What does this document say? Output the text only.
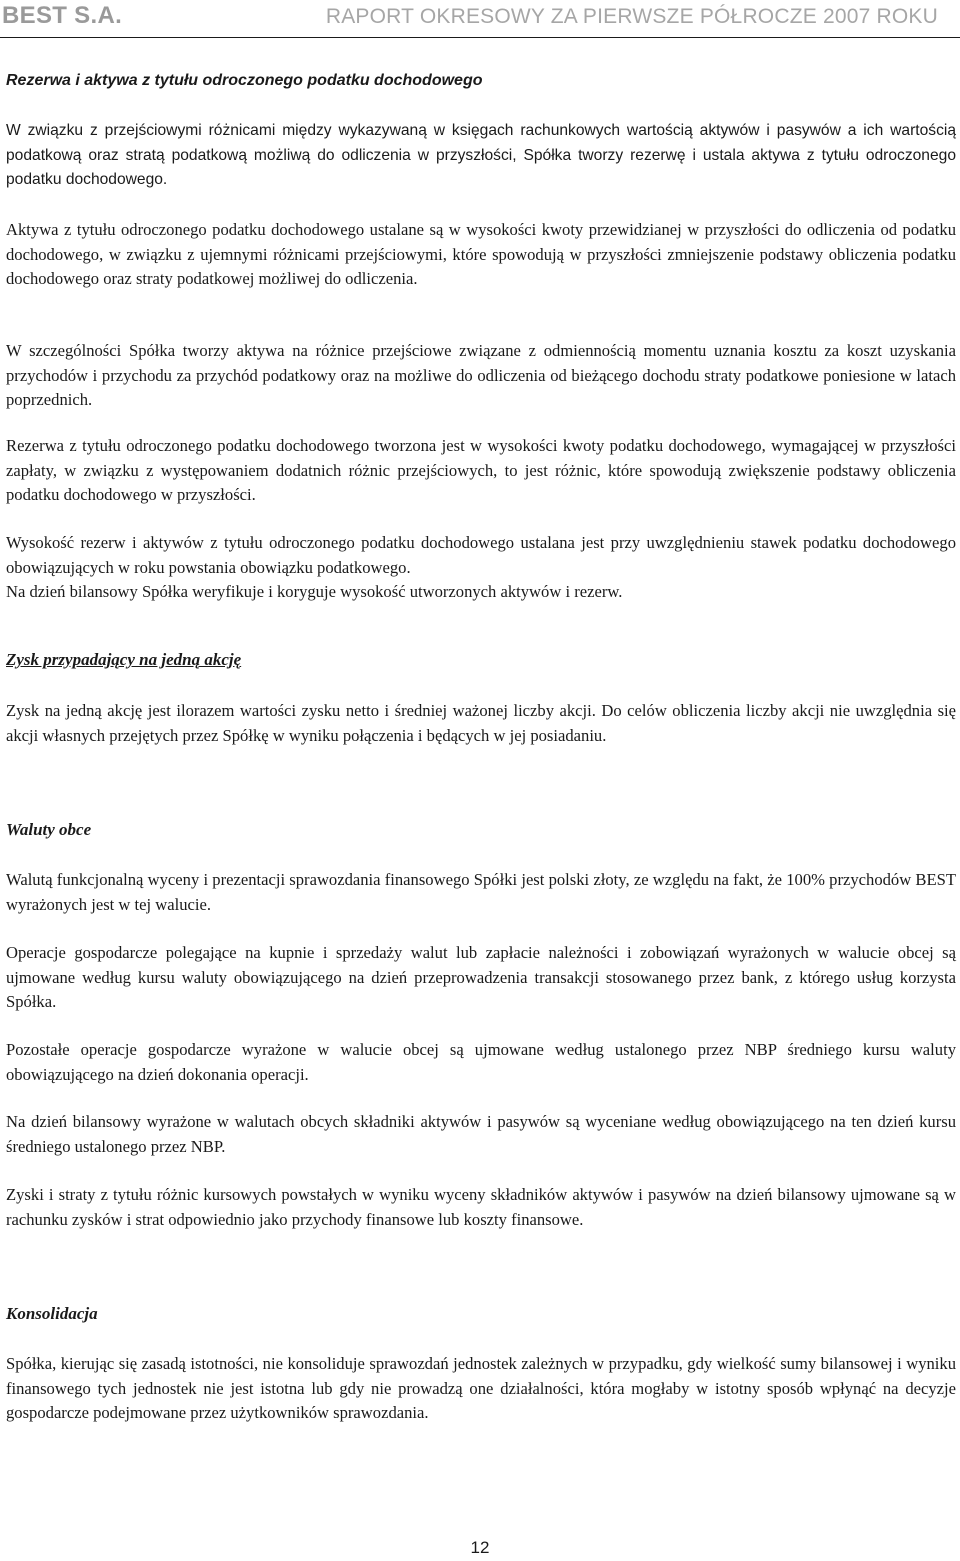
BEST S.A.	RAPORT OKRESOWY ZA PIERWSZE PÓŁROCZE 2007 ROKU
Rezerwa i aktywa z tytułu odroczonego podatku dochodowego

W związku z przejściowymi różnicami między wykazywaną w księgach rachunkowych wartością aktywów i pasywów a ich wartością podatkową oraz stratą podatkową możliwą do odliczenia w przyszłości, Spółka tworzy rezerwę i ustala aktywa z tytułu odroczonego podatku dochodowego.

Aktywa z tytułu odroczonego podatku dochodowego ustalane są w wysokości kwoty przewidzianej w przyszłości do odliczenia od podatku dochodowego, w związku z ujemnymi różnicami przejściowymi, które spowodują w przyszłości zmniejszenie podstawy obliczenia podatku dochodowego oraz straty podatkowej możliwej do odliczenia.

W szczególności Spółka tworzy aktywa na różnice przejściowe związane z odmiennością momentu uznania kosztu za koszt uzyskania przychodów i przychodu za przychód podatkowy oraz na możliwe do odliczenia od bieżącego dochodu straty podatkowe poniesione w latach poprzednich.

Rezerwa z tytułu odroczonego podatku dochodowego tworzona jest w wysokości kwoty podatku dochodowego, wymagającej w przyszłości zapłaty, w związku z występowaniem dodatnich różnic przejściowych, to jest różnic, które spowodują zwiększenie podstawy obliczenia podatku dochodowego w przyszłości.

Wysokość rezerw i aktywów z tytułu odroczonego podatku dochodowego ustalana jest przy uwzględnieniu stawek podatku dochodowego obowiązujących w roku powstania obowiązku podatkowego.

Na dzień bilansowy Spółka weryfikuje i koryguje wysokość utworzonych aktywów i rezerw.

Zysk przypadający na jedną akcję

Zysk na jedną akcję jest ilorazem wartości zysku netto i średniej ważonej liczby akcji. Do celów obliczenia liczby akcji nie uwzględnia się akcji własnych przejętych przez Spółkę w wyniku połączenia i będących w jej posiadaniu.

Waluty obce

Walutą funkcjonalną wyceny i prezentacji sprawozdania finansowego Spółki jest polski złoty, ze względu na fakt, że 100% przychodów BEST wyrażonych jest w tej walucie.

Operacje gospodarcze polegające na kupnie i sprzedaży walut lub zapłacie należności i zobowiązań wyrażonych w walucie obcej są ujmowane według kursu waluty obowiązującego na dzień przeprowadzenia transakcji stosowanego przez bank, z którego usług korzysta Spółka.

Pozostałe operacje gospodarcze wyrażone w walucie obcej są ujmowane według ustalonego przez NBP średniego kursu waluty obowiązującego na dzień dokonania operacji.

Na dzień bilansowy wyrażone w walutach obcych składniki aktywów i pasywów są wyceniane według obowiązującego na ten dzień kursu średniego ustalonego przez NBP.

Zyski i straty z tytułu różnic kursowych powstałych w wyniku wyceny składników aktywów i pasywów na dzień bilansowy ujmowane są w rachunku zysków i strat odpowiednio jako przychody finansowe lub koszty finansowe.

Konsolidacja

Spółka, kierując się zasadą istotności, nie konsoliduje sprawozdań jednostek zależnych w przypadku, gdy wielkość sumy bilansowej i wyniku finansowego tych jednostek nie jest istotna lub gdy nie prowadzą one działalności, która mogłaby w istotny sposób wpłynąć na decyzje gospodarcze podejmowane przez użytkowników sprawozdania.

12
